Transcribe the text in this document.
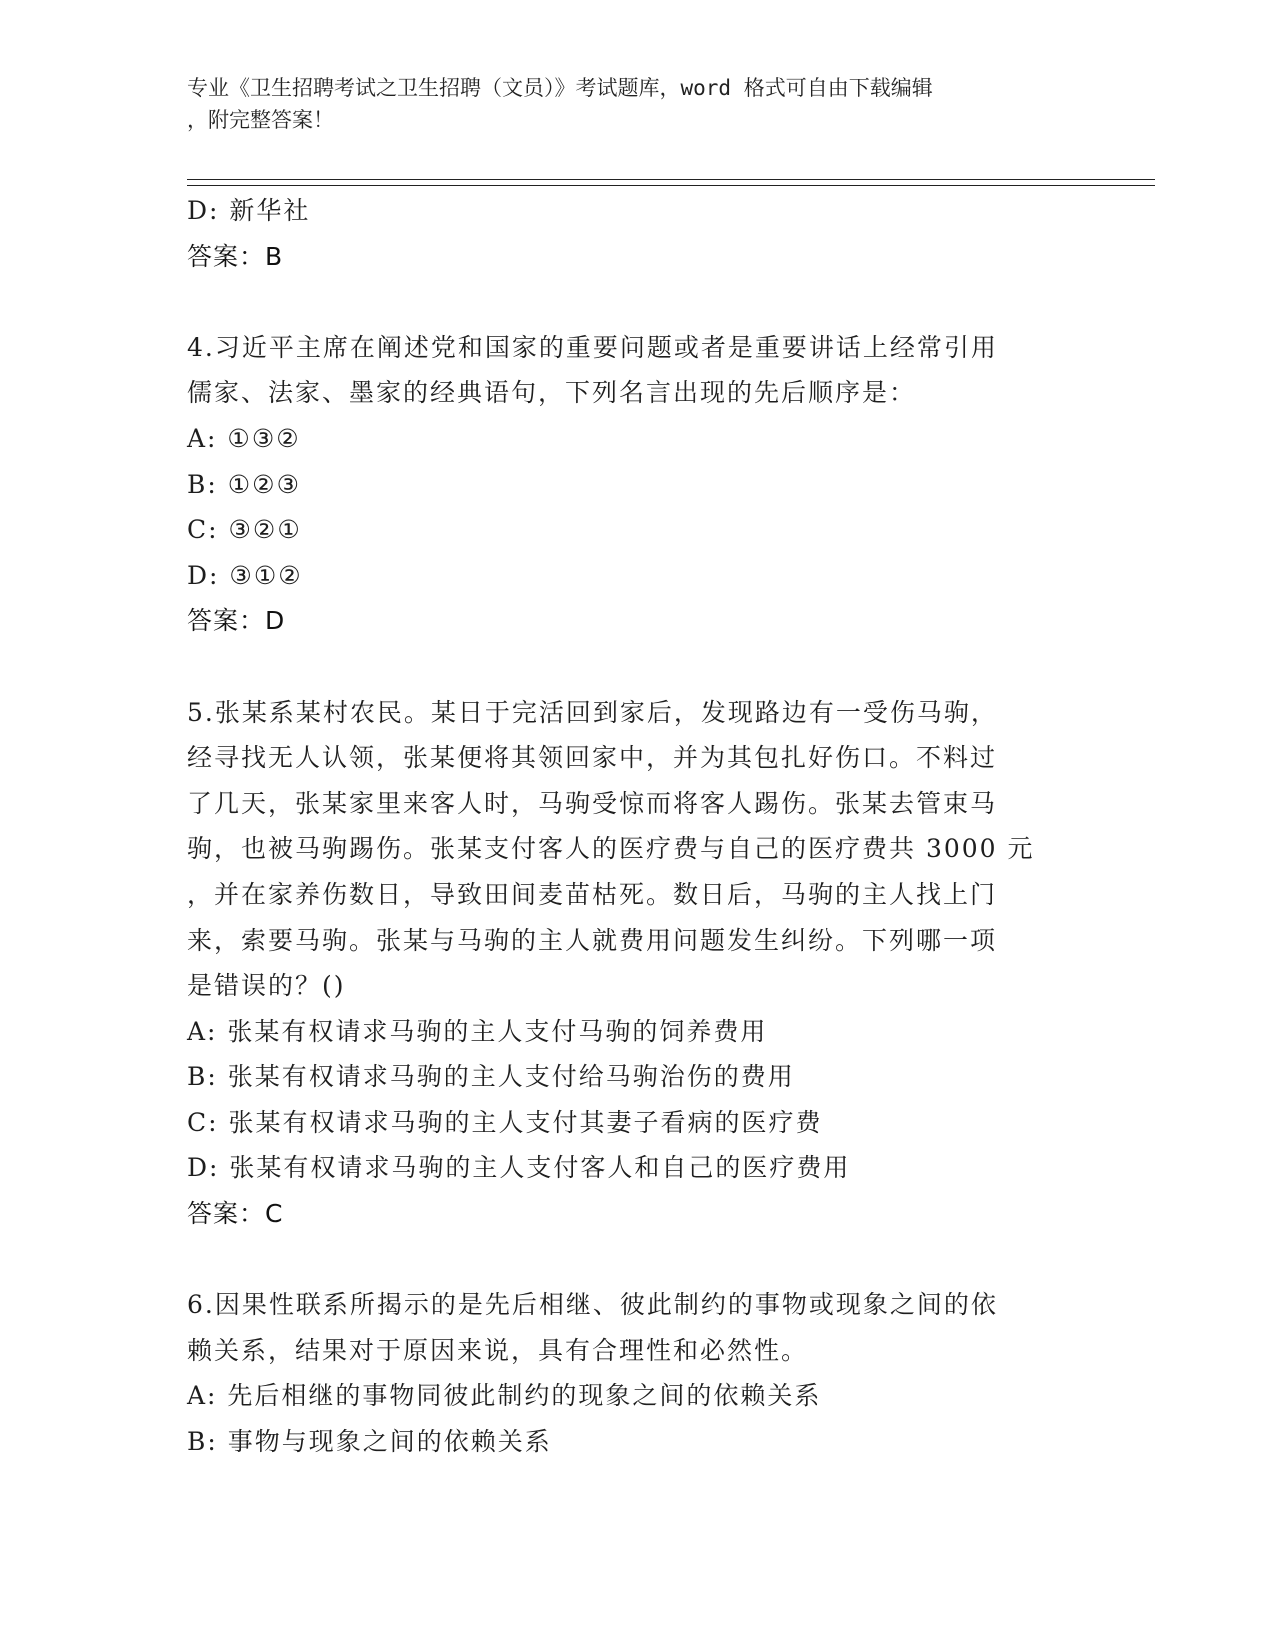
专业《卫生招聘考试之卫生招聘（文员）》考试题库，word 格式可自由下载编辑
，附完整答案！
D: 新华社
答案：B
4.习近平主席在阐述党和国家的重要问题或者是重要讲话上经常引用
儒家、法家、墨家的经典语句，下列名言出现的先后顺序是：
A: ①③②
B: ①②③
C: ③②①
D: ③①②
答案：D
5.张某系某村农民。某日于完活回到家后，发现路边有一受伤马驹，
经寻找无人认领，张某便将其领回家中，并为其包扎好伤口。不料过
了几天，张某家里来客人时，马驹受惊而将客人踢伤。张某去管束马
驹，也被马驹踢伤。张某支付客人的医疗费与自己的医疗费共 3000 元
，并在家养伤数日，导致田间麦苗枯死。数日后，马驹的主人找上门
来，索要马驹。张某与马驹的主人就费用问题发生纠纷。下列哪一项
是错误的？()
A: 张某有权请求马驹的主人支付马驹的饲养费用
B: 张某有权请求马驹的主人支付给马驹治伤的费用
C: 张某有权请求马驹的主人支付其妻子看病的医疗费
D: 张某有权请求马驹的主人支付客人和自己的医疗费用
答案：C
6.因果性联系所揭示的是先后相继、彼此制约的事物或现象之间的依
赖关系，结果对于原因来说，具有合理性和必然性。
A: 先后相继的事物同彼此制约的现象之间的依赖关系
B: 事物与现象之间的依赖关系
